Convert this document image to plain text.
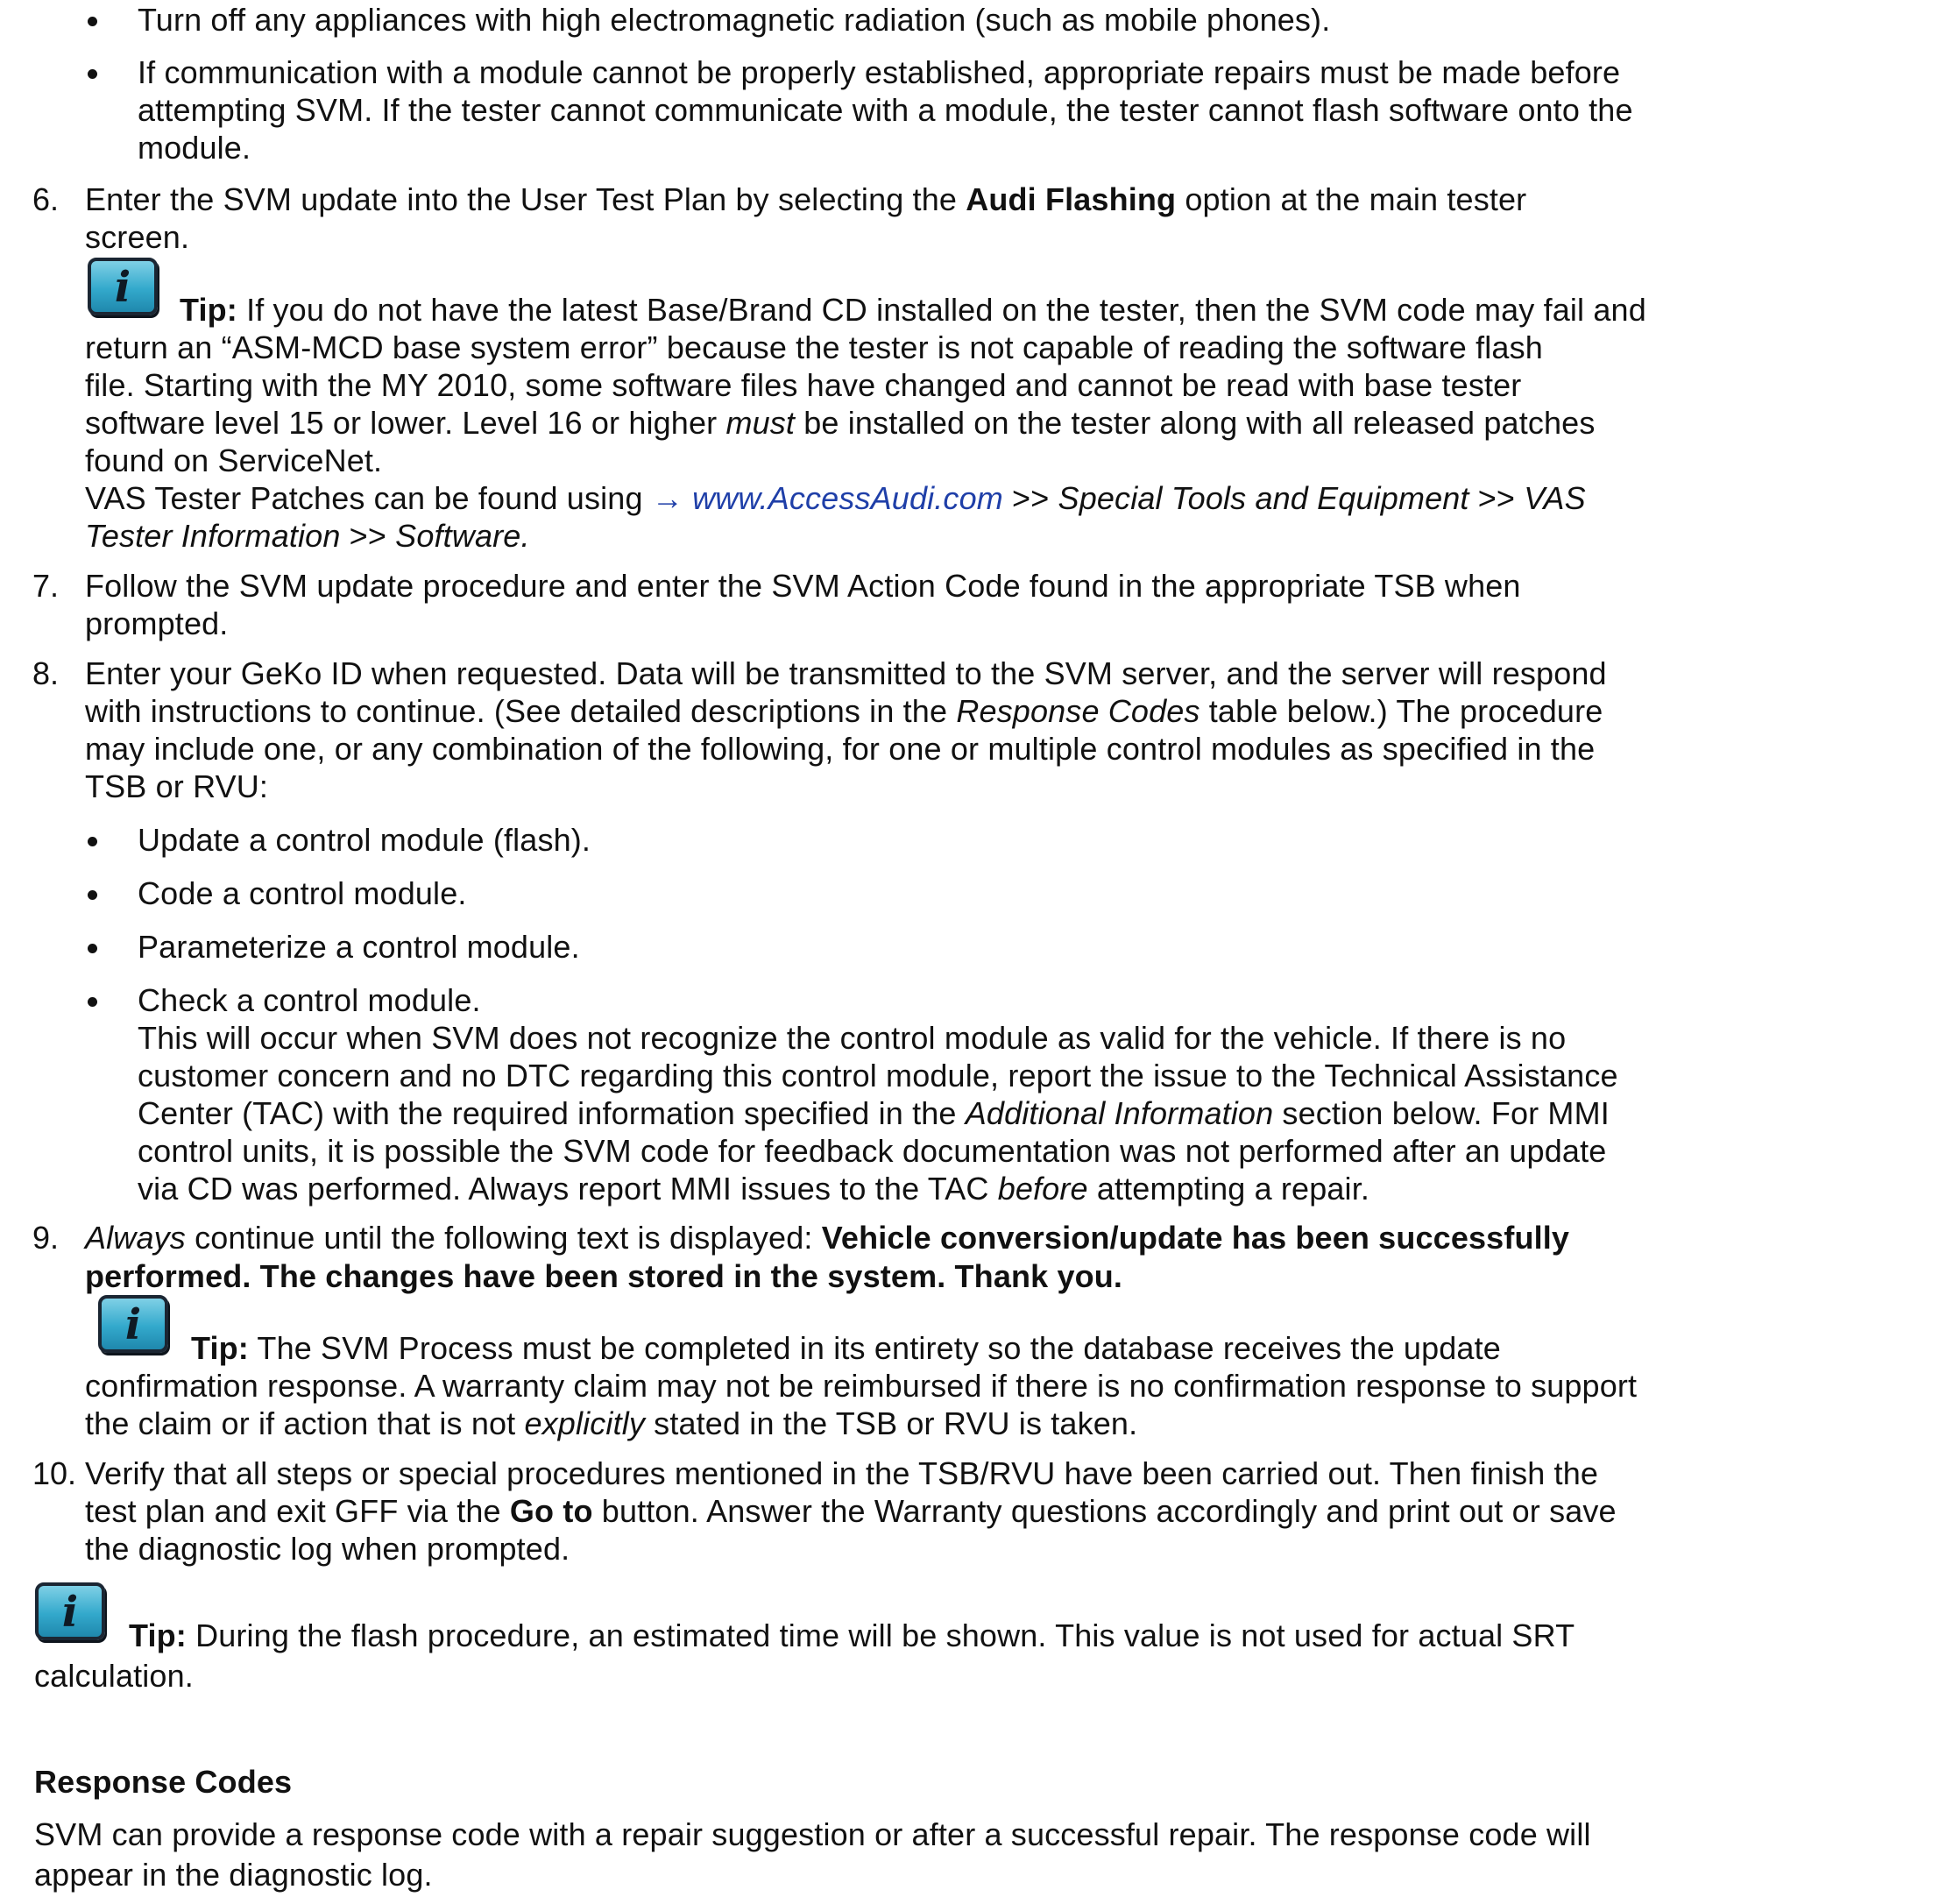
Turn off any appliances with high electromagnetic radiation (such as mobile phones).
If communication with a module cannot be properly established, appropriate repairs must be made before
attempting SVM. If the tester cannot communicate with a module, the tester cannot flash software onto the
module.
6. Enter the SVM update into the User Test Plan by selecting the Audi Flashing option at the main tester
screen.
i	Tip: If you do not have the latest Base/Brand CD installed on the tester, then the SVM code may fail and
return an “ASM-MCD base system error” because the tester is not capable of reading the software flash
file. Starting with the MY 2010, some software files have changed and cannot be read with base tester
software level 15 or lower. Level 16 or higher must be installed on the tester along with all released patches
found on ServiceNet.
VAS Tester Patches can be found using → www.AccessAudi.com >> Special Tools and Equipment >> VAS
Tester Information >> Software.
7. Follow the SVM update procedure and enter the SVM Action Code found in the appropriate TSB when
prompted.
8. Enter your GeKo ID when requested. Data will be transmitted to the SVM server, and the server will respond
with instructions to continue. (See detailed descriptions in the Response Codes table below.) The procedure
may include one, or any combination of the following, for one or multiple control modules as specified in the
TSB or RVU:
Update a control module (flash).
Code a control module.
Parameterize a control module.
Check a control module.
This will occur when SVM does not recognize the control module as valid for the vehicle. If there is no
customer concern and no DTC regarding this control module, report the issue to the Technical Assistance
Center (TAC) with the required information specified in the Additional Information section below. For MMI
control units, it is possible the SVM code for feedback documentation was not performed after an update
via CD was performed. Always report MMI issues to the TAC before attempting a repair.
9. Always continue until the following text is displayed: Vehicle conversion/update has been successfully
performed. The changes have been stored in the system. Thank you.
i	Tip: The SVM Process must be completed in its entirety so the database receives the update
confirmation response. A warranty claim may not be reimbursed if there is no confirmation response to support
the claim or if action that is not explicitly stated in the TSB or RVU is taken.
10. Verify that all steps or special procedures mentioned in the TSB/RVU have been carried out. Then finish the
test plan and exit GFF via the Go to button. Answer the Warranty questions accordingly and print out or save
the diagnostic log when prompted.
i	Tip: During the flash procedure, an estimated time will be shown. This value is not used for actual SRT
calculation.
Response Codes
SVM can provide a response code with a repair suggestion or after a successful repair. The response code will
appear in the diagnostic log.
